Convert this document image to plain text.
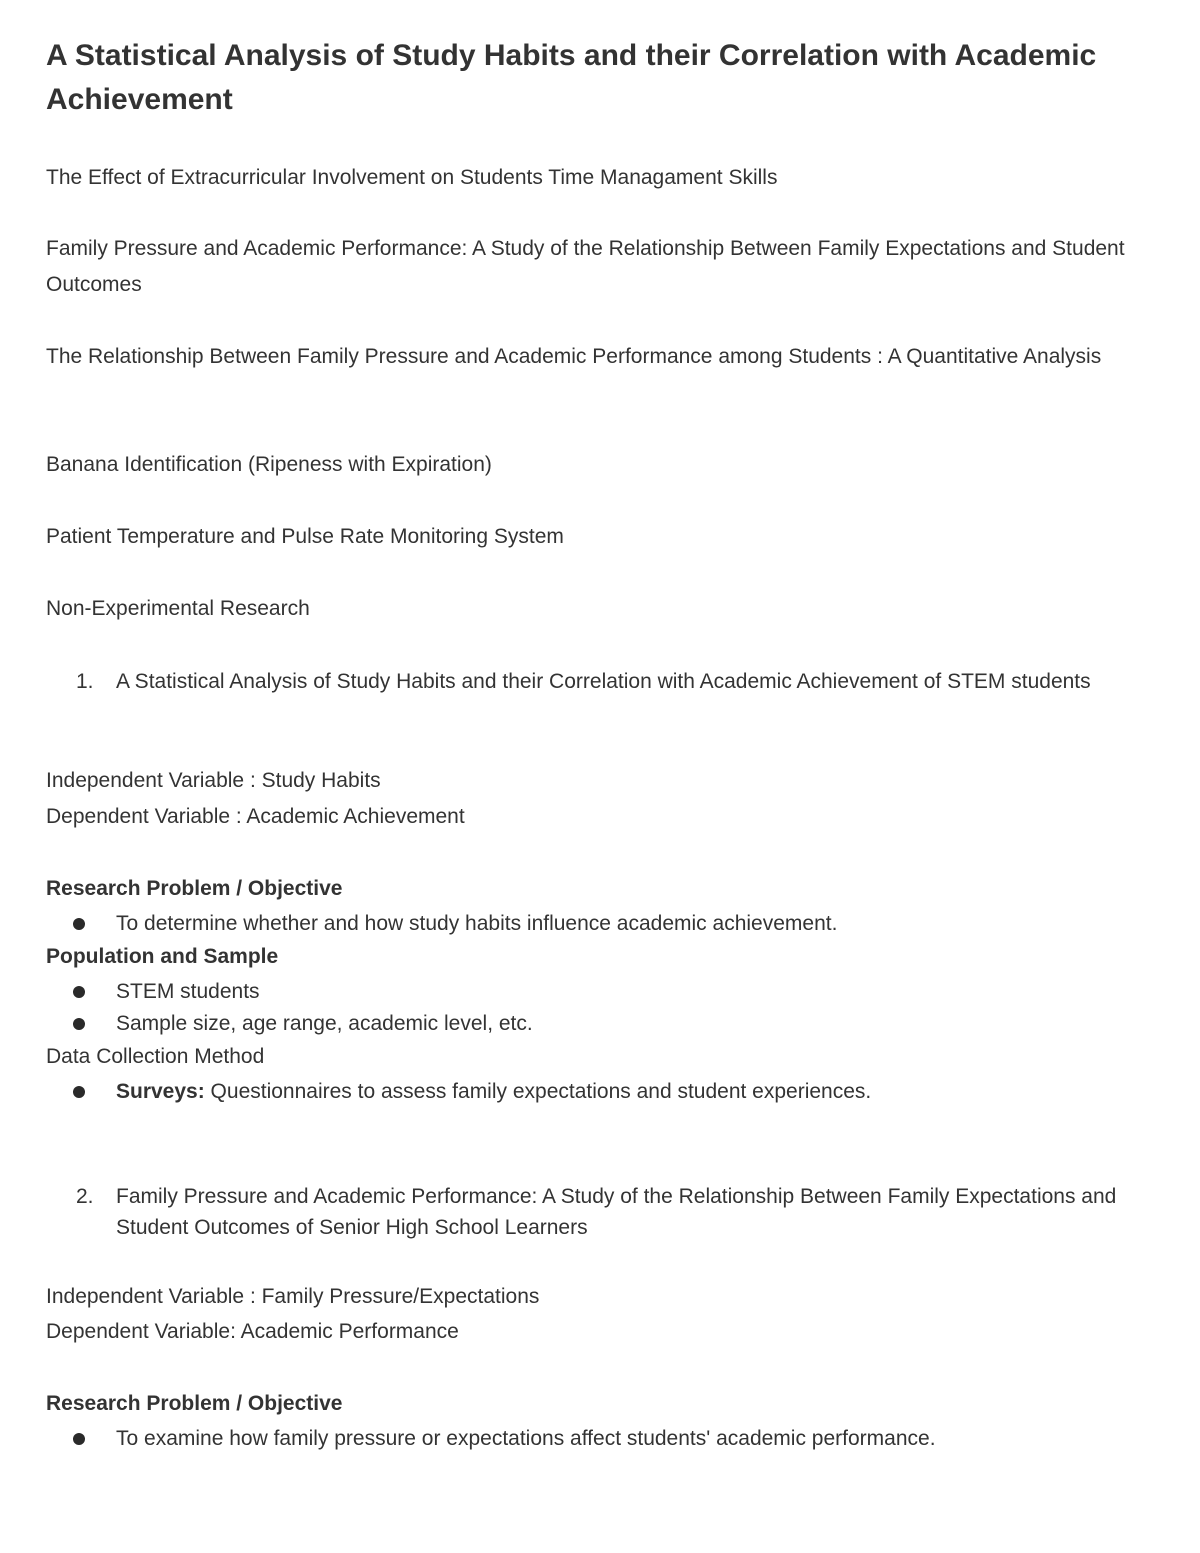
A Statistical Analysis of Study Habits and their Correlation with Academic Achievement

The Effect of Extracurricular Involvement on Students Time Managament Skills

Family Pressure and Academic Performance: A Study of the Relationship Between Family Expectations and Student Outcomes

The Relationship Between Family Pressure and Academic Performance among Students : A Quantitative Analysis

Banana Identification (Ripeness with Expiration)

Patient Temperature and Pulse Rate Monitoring System

Non-Experimental Research

1. A Statistical Analysis of Study Habits and their Correlation with Academic Achievement of STEM students

Independent Variable : Study Habits

Dependent Variable : Academic Achievement

Research Problem / Objective

To determine whether and how study habits influence academic achievement.

Population and Sample

STEM students
Sample size, age range, academic level, etc.

Data Collection Method

Surveys: Questionnaires to assess family expectations and student experiences.
2. Family Pressure and Academic Performance: A Study of the Relationship Between Family Expectations and Student Outcomes of Senior High School Learners

Independent Variable : Family Pressure/Expectations

Dependent Variable: Academic Performance

Research Problem / Objective

To examine how family pressure or expectations affect students' academic performance.
